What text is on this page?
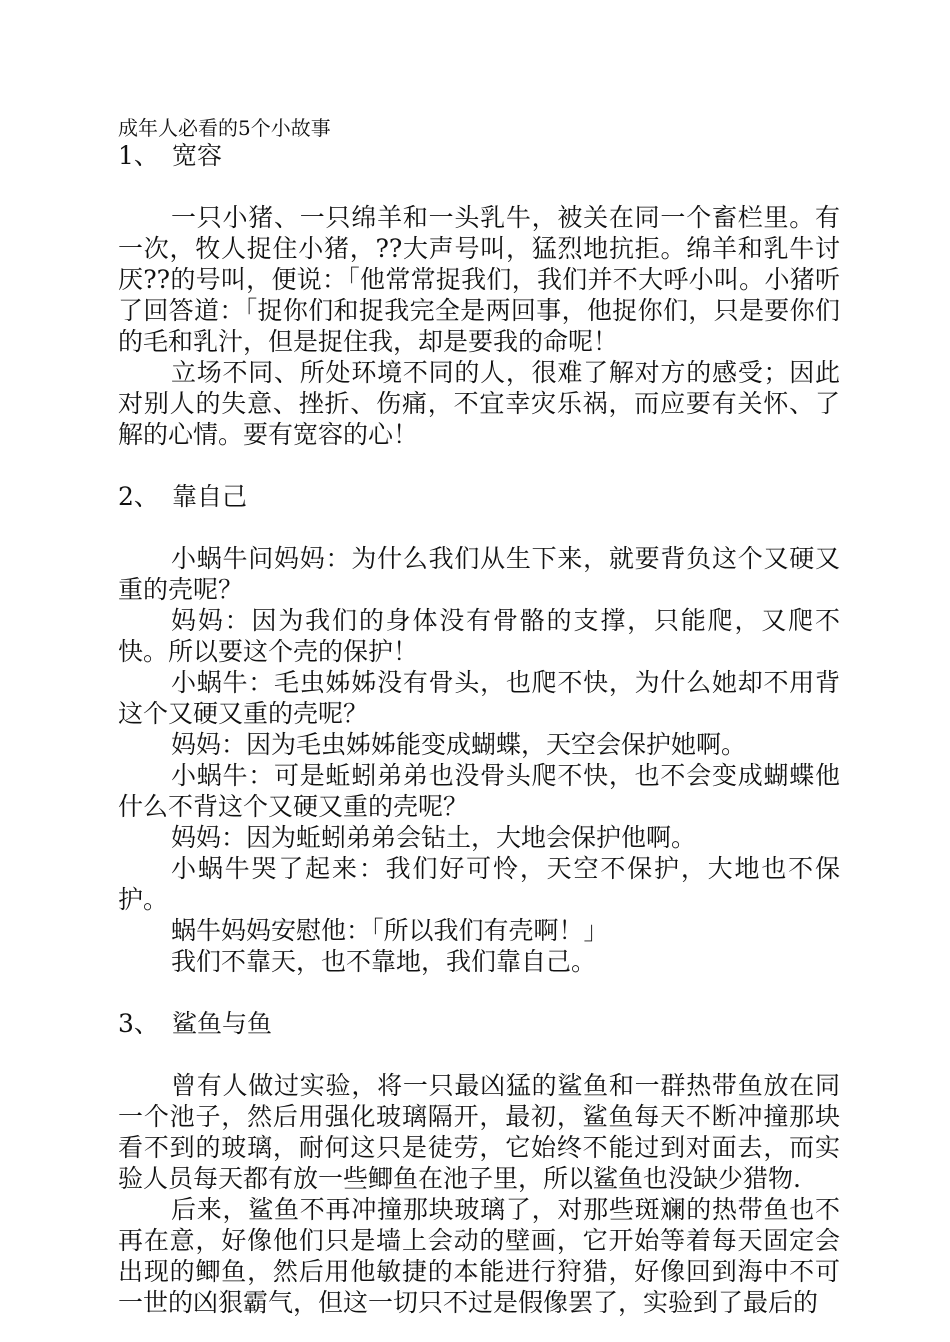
成年人必看的5个小故事
1、 宽容

一只小猪、一只绵羊和一头乳牛，被关在同一个畜栏里。有一次，牧人捉住小猪，??大声号叫，猛烈地抗拒。绵羊和乳牛讨厌??的号叫，便说：「他常常捉我们，我们并不大呼小叫。小猪听了回答道：「捉你们和捉我完全是两回事，他捉你们，只是要你们的毛和乳汁，但是捉住我，却是要我的命呢！

立场不同、所处环境不同的人，很难了解对方的感受；因此对别人的失意、挫折、伤痛，不宜幸灾乐祸，而应要有关怀、了解的心情。要有宽容的心！

2、 靠自己

小蜗牛问妈妈：为什么我们从生下来，就要背负这个又硬又重的壳呢？

妈妈：因为我们的身体没有骨骼的支撑，只能爬，又爬不快。所以要这个壳的保护！

小蜗牛：毛虫姊姊没有骨头，也爬不快，为什么她却不用背这个又硬又重的壳呢？

妈妈：因为毛虫姊姊能变成蝴蝶，天空会保护她啊。

小蜗牛：可是蚯蚓弟弟也没骨头爬不快，也不会变成蝴蝶他什么不背这个又硬又重的壳呢？

妈妈：因为蚯蚓弟弟会钻土，大地会保护他啊。

小蜗牛哭了起来：我们好可怜，天空不保护，大地也不保护。

蜗牛妈妈安慰他：「所以我们有壳啊！」

我们不靠天，也不靠地，我们靠自己。

3、 鲨鱼与鱼

曾有人做过实验，将一只最凶猛的鲨鱼和一群热带鱼放在同一个池子，然后用强化玻璃隔开，最初，鲨鱼每天不断冲撞那块看不到的玻璃，耐何这只是徒劳，它始终不能过到对面去，而实验人员每天都有放一些鲫鱼在池子里，所以鲨鱼也没缺少猎物.

后来，鲨鱼不再冲撞那块玻璃了，对那些斑斓的热带鱼也不再在意，好像他们只是墙上会动的壁画，它开始等着每天固定会出现的鲫鱼，然后用他敏捷的本能进行狩猎，好像回到海中不可一世的凶狠霸气，但这一切只不过是假像罢了，实验到了最后的
